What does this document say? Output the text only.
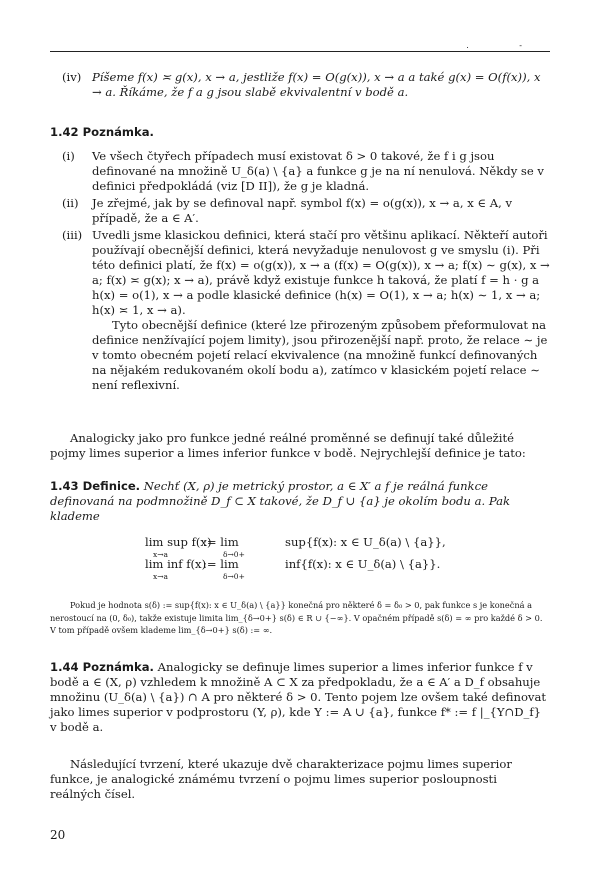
. -
(iv) Píšeme f(x) ≍ g(x), x → a, jestliže f(x) = O(g(x)), x → a a také g(x) = O(f(x)), x → a. Říkáme, že f a g jsou slabě ekvivalentní v bodě a.

1.42 Poznámka.

(i) Ve všech čtyřech případech musí existovat δ > 0 takové, že f i g jsou definované na množině U_δ(a) \ {a} a funkce g je na ní nenulová. Někdy se v definici předpokládá (viz [D II]), že g je kladná.

(ii) Je zřejmé, jak by se definoval např. symbol f(x) = o(g(x)), x → a, x ∈ A, v případě, že a ∈ A′.

(iii) Uvedli jsme klasickou definici, která stačí pro většinu aplikací. Někteří autoři používají obecnější definici, která nevyžaduje nenulovost g ve smyslu (i). Při této definici platí, že f(x) = o(g(x)), x → a (f(x) = O(g(x)), x → a; f(x) ∼ g(x), x → a; f(x) ≍ g(x); x → a), právě když existuje funkce h taková, že platí f = h · g a h(x) = o(1), x → a podle klasické definice (h(x) = O(1), x → a; h(x) ∼ 1, x → a; h(x) ≍ 1, x → a).

Tyto obecnější definice (které lze přirozeným způsobem přeformulovat na definice nenžívající pojem limity), jsou přirozenější např. proto, že relace ∼ je v tomto obecném pojetí relací ekvivalence (na množině funkcí definovaných na nějakém redukovaném okolí bodu a), zatímco v klasickém pojetí relace ∼ není reflexivní.

Analogicky jako pro funkce jedné reálné proměnné se definují také důležité pojmy limes superior a limes inferior funkce v bodě. Nejrychlejší definice je tato:

1.43 Definice. Nechť (X, ρ) je metrický prostor, a ∈ X′ a f je reálná funkce definovaná na podmnožině D_f ⊂ X takové, že D_f ∪ {a} je okolím bodu a. Pak klademe

lim sup f(x)
x→a
:= lim
δ→0+
sup{f(x): x ∈ U_δ(a) \ {a}},
lim inf f(x)
x→a
:= lim
δ→0+
inf{f(x): x ∈ U_δ(a) \ {a}}.

Pokud je hodnota s(δ) := sup{f(x): x ∈ U_δ(a) \ {a}} konečná pro některé δ = δ₀ > 0, pak funkce s je konečná a nerostoucí na (0, δ₀), takže existuje limita lim_{δ→0+} s(δ) ∈ R ∪ {−∞}. V opačném případě s(δ) = ∞ pro každé δ > 0. V tom případě ovšem klademe lim_{δ→0+} s(δ) := ∞.

1.44 Poznámka. Analogicky se definuje limes superior a limes inferior funkce f v bodě a ∈ (X, ρ) vzhledem k množině A ⊂ X za předpokladu, že a ∈ A′ a D_f obsahuje množinu (U_δ(a) \ {a}) ∩ A pro některé δ > 0. Tento pojem lze ovšem také definovat jako limes superior v podprostoru (Y, ρ), kde Y := A ∪ {a}, funkce f* := f |_{Y∩D_f} v bodě a.

Následující tvrzení, které ukazuje dvě charakterizace pojmu limes superior funkce, je analogické známému tvrzení o pojmu limes superior posloupnosti reálných čísel.

20
